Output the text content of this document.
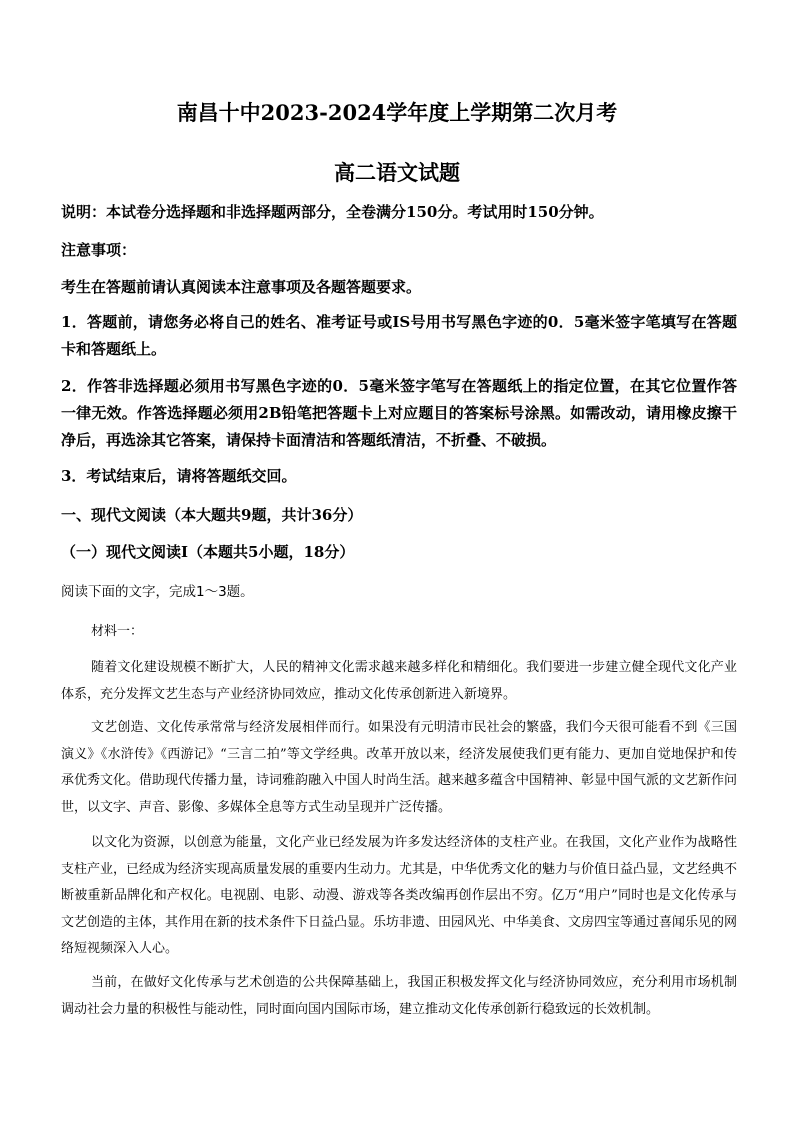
南昌十中2023-2024学年度上学期第二次月考
高二语文试题
说明：本试卷分选择题和非选择题两部分，全卷满分150分。考试用时150分钟。
注意事项：
考生在答题前请认真阅读本注意事项及各题答题要求。
1．答题前，请您务必将自己的姓名、准考证号或IS号用书写黑色字迹的0．5毫米签字笔填写在答题卡和答题纸上。
2．作答非选择题必须用书写黑色字迹的0．5毫米签字笔写在答题纸上的指定位置，在其它位置作答一律无效。作答选择题必须用2B铅笔把答题卡上对应题目的答案标号涂黑。如需改动，请用橡皮擦干净后，再选涂其它答案，请保持卡面清洁和答题纸清洁，不折叠、不破损。
3．考试结束后，请将答题纸交回。
一、现代文阅读（本大题共9题，共计36分）
（一）现代文阅读I（本题共5小题，18分）
阅读下面的文字，完成1～3题。
材料一：
随着文化建设规模不断扩大，人民的精神文化需求越来越多样化和精细化。我们要进一步建立健全现代文化产业体系，充分发挥文艺生态与产业经济协同效应，推动文化传承创新进入新境界。
文艺创造、文化传承常常与经济发展相伴而行。如果没有元明清市民社会的繁盛，我们今天很可能看不到《三国演义》《水浒传》《西游记》“三言二拍”等文学经典。改革开放以来，经济发展使我们更有能力、更加自觉地保护和传承优秀文化。借助现代传播力量，诗词雅韵融入中国人时尚生活。越来越多蕴含中国精神、彰显中国气派的文艺新作问世，以文字、声音、影像、多媒体全息等方式生动呈现并广泛传播。
以文化为资源，以创意为能量，文化产业已经发展为许多发达经济体的支柱产业。在我国，文化产业作为战略性支柱产业，已经成为经济实现高质量发展的重要内生动力。尤其是，中华优秀文化的魅力与价值日益凸显，文艺经典不断被重新品牌化和产权化。电视剧、电影、动漫、游戏等各类改编再创作层出不穷。亿万“用户”同时也是文化传承与文艺创造的主体，其作用在新的技术条件下日益凸显。乐坊非遗、田园风光、中华美食、文房四宝等通过喜闻乐见的网络短视频深入人心。
当前，在做好文化传承与艺术创造的公共保障基础上，我国正积极发挥文化与经济协同效应，充分利用市场机制调动社会力量的积极性与能动性，同时面向国内国际市场，建立推动文化传承创新行稳致远的长效机制。
